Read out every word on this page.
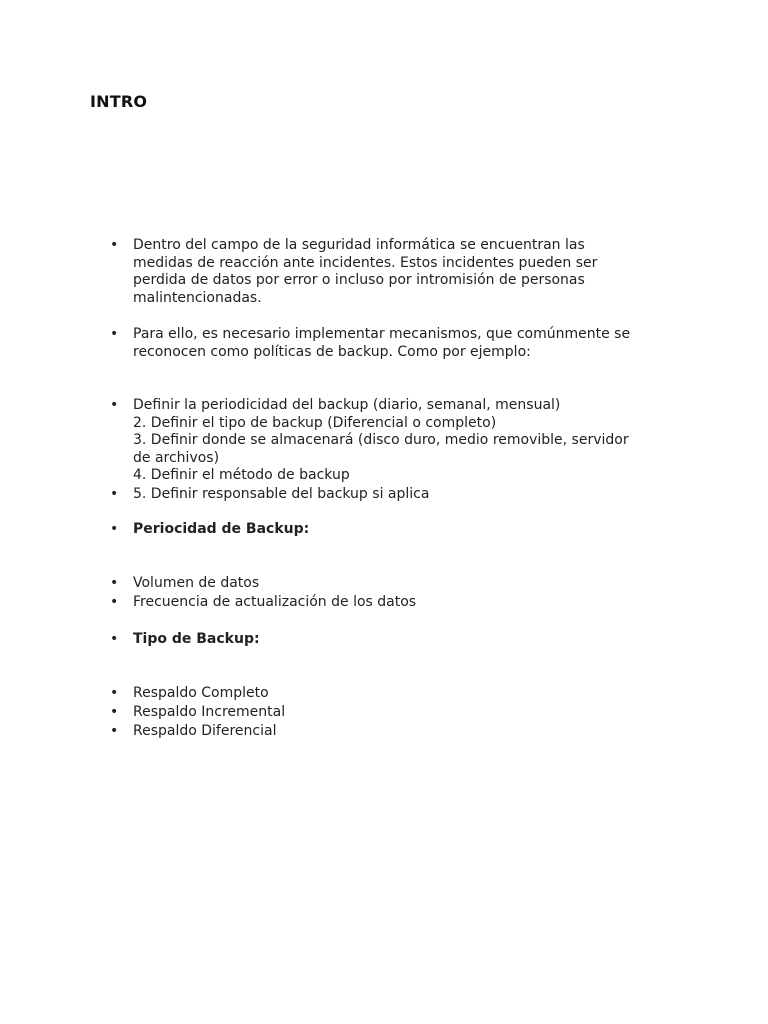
INTRO
• Dentro del campo de la seguridad informática se encuentran las
medidas de reacción ante incidentes. Estos incidentes pueden ser
perdida de datos por error o incluso por intromisión de personas
malintencionadas.
• Para ello, es necesario implementar mecanismos, que comúnmente se
reconocen como políticas de backup. Como por ejemplo:
• Definir la periodicidad del backup (diario, semanal, mensual)
2. Definir el tipo de backup (Diferencial o completo)
3. Definir donde se almacenará (disco duro, medio removible, servidor
de archivos)
4. Definir el método de backup
• 5. Definir responsable del backup si aplica
• Periocidad de Backup:
• Volumen de datos
• Frecuencia de actualización de los datos
• Tipo de Backup:
• Respaldo Completo
• Respaldo Incremental
• Respaldo Diferencial
